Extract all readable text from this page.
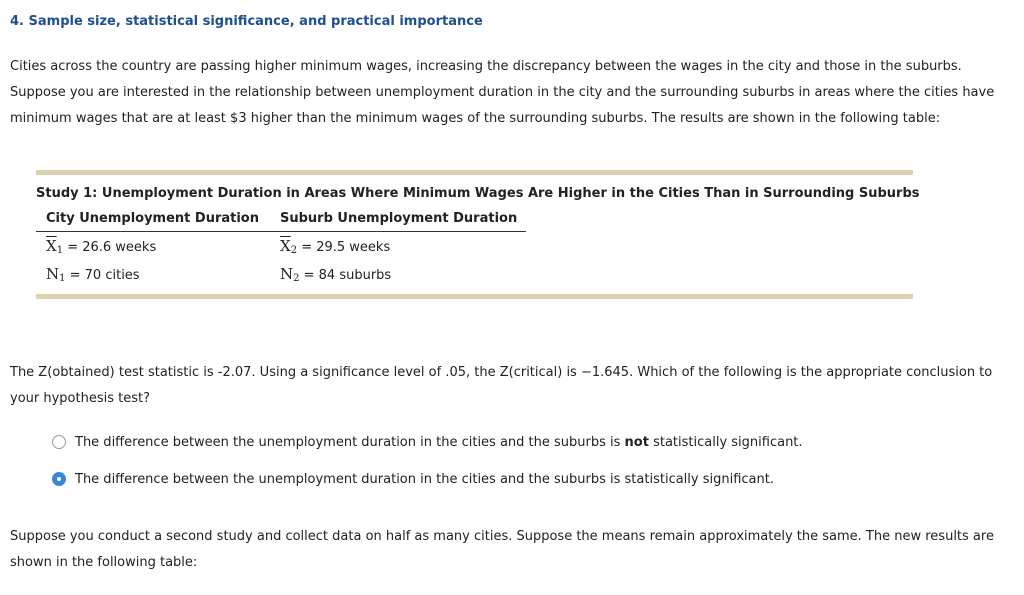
4. Sample size, statistical significance, and practical importance
Cities across the country are passing higher minimum wages, increasing the discrepancy between the wages in the city and those in the suburbs.
Suppose you are interested in the relationship between unemployment duration in the city and the surrounding suburbs in areas where the cities have
minimum wages that are at least $3 higher than the minimum wages of the surrounding suburbs. The results are shown in the following table:
Study 1: Unemployment Duration in Areas Where Minimum Wages Are Higher in the Cities Than in Surrounding Suburbs
City Unemployment Duration Suburb Unemployment Duration
$\overline{X}_1 = 26.6$ weeks	$\overline{X}_2 = 29.5$ weeks
$N_1 = 70$ cities	$N_2 = 84$ suburbs
The Z(obtained) test statistic is -2.07. Using a significance level of .05, the Z(critical) is −1.645. Which of the following is the appropriate conclusion to
your hypothesis test?
The difference between the unemployment duration in the cities and the suburbs is not statistically significant.
The difference between the unemployment duration in the cities and the suburbs is statistically significant.
Suppose you conduct a second study and collect data on half as many cities. Suppose the means remain approximately the same. The new results are
shown in the following table:
